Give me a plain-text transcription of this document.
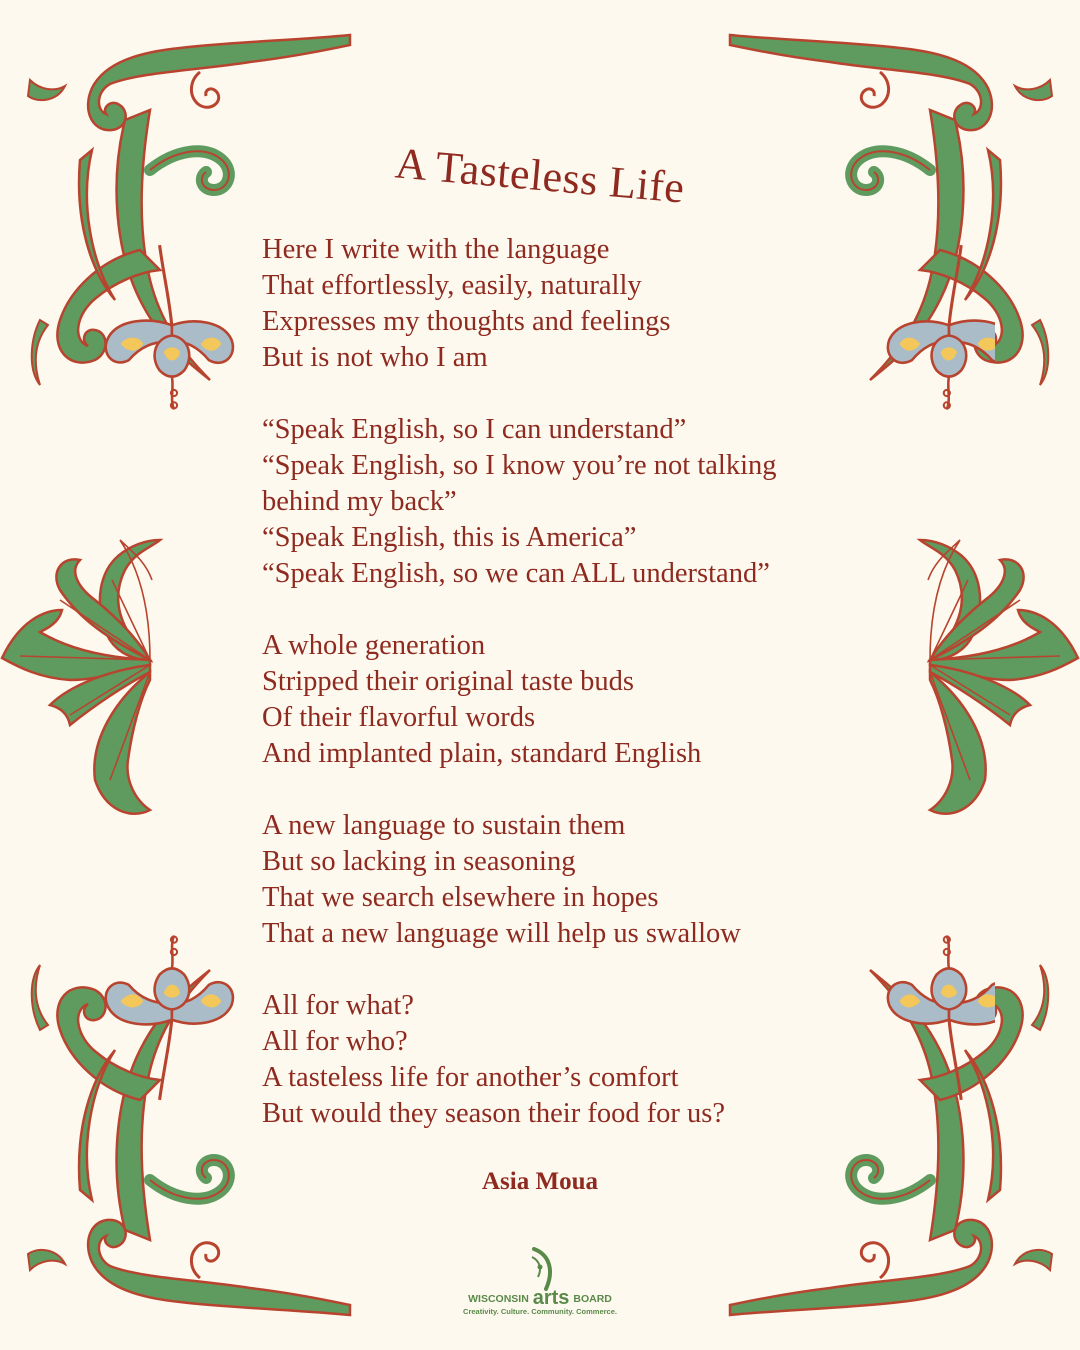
A Tasteless Life
Here I write with the language
That effortlessly, easily, naturally
Expresses my thoughts and feelings
But is not who I am
“Speak English, so I can understand”
“Speak English, so I know you’re not talking
behind my back”
“Speak English, this is America”
“Speak English, so we can ALL understand”
A whole generation
Stripped their original taste buds
Of their flavorful words
And implanted plain, standard English
A new language to sustain them
But so lacking in seasoning
That we search elsewhere in hopes
That a new language will help us swallow
All for what?
All for who?
A tasteless life for another’s comfort
But would they season their food for us?
Asia Moua
WISCONSIN arts BOARD
Creativity. Culture. Community. Commerce.
